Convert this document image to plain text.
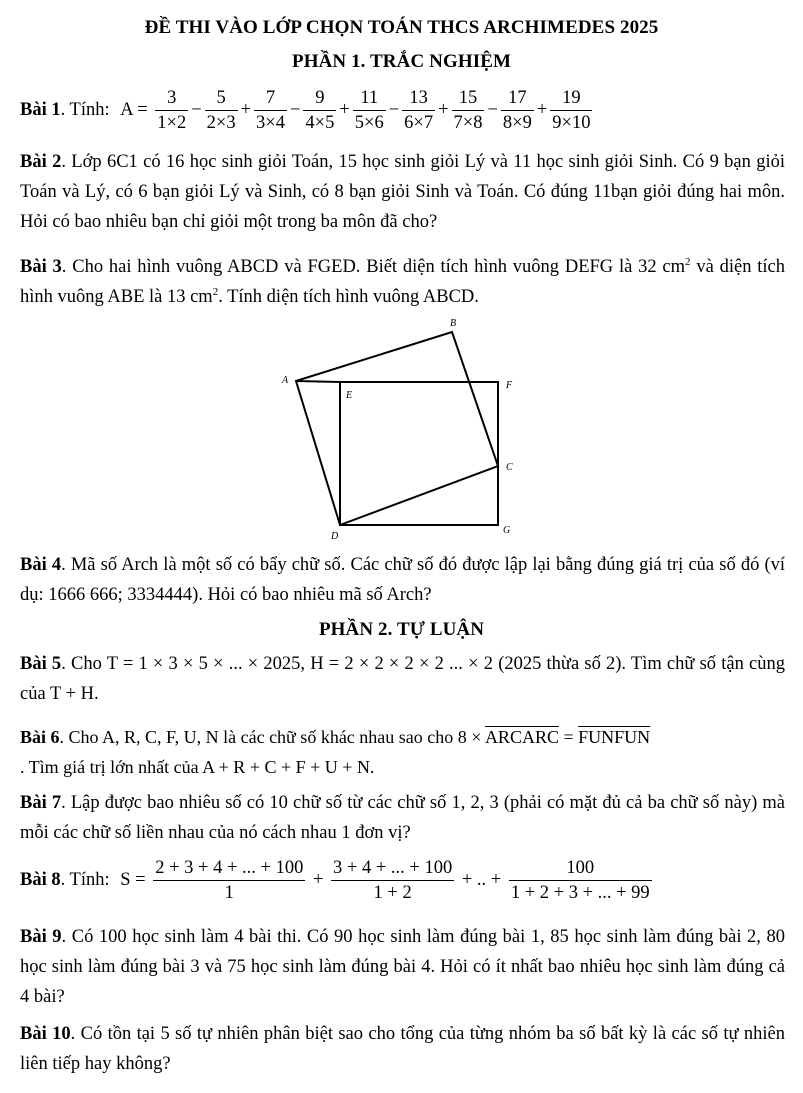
ĐỀ THI VÀO LỚP CHỌN TOÁN THCS ARCHIMEDES 2025
PHẦN 1. TRẮC NGHIỆM
Bài 1. Tính: $A = \frac{3}{1\times 2} - \frac{5}{2\times 3} + \frac{7}{3\times 4} - \frac{9}{4\times 5} + \frac{11}{5\times 6} - \frac{13}{6\times 7} + \frac{15}{7\times 8} - \frac{17}{8\times 9} + \frac{19}{9\times 10}$
Bài 2. Lớp 6C1 có 16 học sinh giỏi Toán, 15 học sinh giỏi Lý và 11 học sinh giỏi Sinh. Có 9 bạn giỏi Toán và Lý, có 6 bạn giỏi Lý và Sinh, có 8 bạn giỏi Sinh và Toán. Có đúng 11bạn giỏi đúng hai môn. Hỏi có bao nhiêu bạn chỉ giỏi một trong ba môn đã cho?
Bài 3. Cho hai hình vuông ABCD và FGED. Biết diện tích hình vuông DEFG là 32 $cm^2$ và diện tích hình vuông ABE là 13 $cm^2$. Tính diện tích hình vuông ABCD.
A
B
C
D
E
F
G
Bài 4. Mã số Arch là một số có bẩy chữ số. Các chữ số đó được lập lại bằng đúng giá trị của số đó (ví dụ: 1666 666; 3334444). Hỏi có bao nhiêu mã số Arch?
PHẦN 2. TỰ LUẬN
Bài 5. Cho T = 1 × 3 × 5 × ... × 2025, H = 2 × 2 × 2 × 2 ... × 2 (2025 thừa số 2). Tìm chữ số tận cùng của T + H.
Bài 6. Cho A, R, C, F, U, N là các chữ số khác nhau sao cho 8 × ARCARC = FUNFUN
. Tìm giá trị lớn nhất của A + R + C + F + U + N.
Bài 7. Lập được bao nhiêu số có 10 chữ số từ các chữ số 1, 2, 3 (phải có mặt đủ cả ba chữ số này) mà mỗi các chữ số liền nhau của nó cách nhau 1 đơn vị?
Bài 8. Tính: $S = \frac{2 + 3 + 4 + ... + 100}{1} + \frac{3 + 4 + ... + 100}{1 + 2}$ + .. + $\frac{100}{1 + 2 + 3 + ... + 99}$
Bài 9. Có 100 học sinh làm 4 bài thi. Có 90 học sinh làm đúng bài 1, 85 học sinh làm đúng bài 2, 80 học sinh làm đúng bài 3 và 75 học sinh làm đúng bài 4. Hỏi có ít nhất bao nhiêu học sinh làm đúng cả 4 bài?
Bài 10. Có tồn tại 5 số tự nhiên phân biệt sao cho tổng của từng nhóm ba số bất kỳ là các số tự nhiên liên tiếp hay không?
